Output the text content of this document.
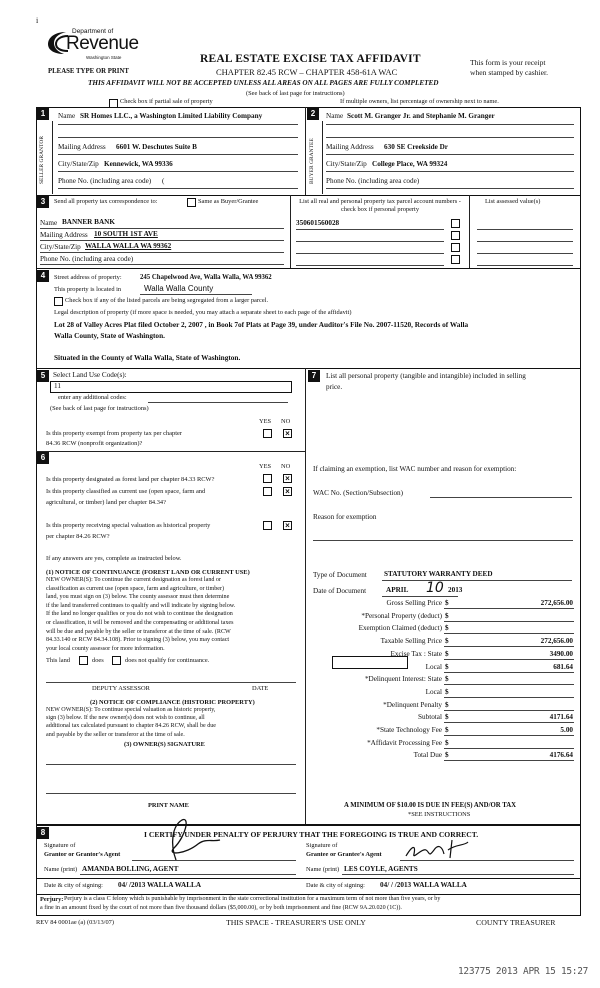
i
Department of
Revenue
Washington State
PLEASE TYPE OR PRINT
REAL ESTATE EXCISE TAX AFFIDAVIT
CHAPTER 82.45 RCW – CHAPTER 458-61A WAC
This form is your receipt
when stamped by cashier.
THIS AFFIDAVIT WILL NOT BE ACCEPTED UNLESS ALL AREAS ON ALL PAGES ARE FULLY COMPLETED
(See back of last page for instructions)
Check box if partial sale of property	If multiple owners, list percentage of ownership next to name.
1
SELLER GRANTOR
Name SR Homes LLC., a Washington Limited Liability Company
Mailing Address 6601 W. Deschutes Suite B
City/State/Zip Kennewick, WA 99336
Phone No. (including area code) (
2
BUYER GRANTEE
Name Scott M. Granger Jr. and Stephanie M. Granger
Mailing Address 630 SE Creekside Dr
City/State/Zip College Place, WA 99324
Phone No. (including area code)
3	Send all property tax correspondence to:	Same as Buyer/Grantee
Name BANNER BANK
Mailing Address 10 SOUTH 1ST AVE
City/State/Zip WALLA WALLA WA 99362
Phone No. (including area code)
List all real and personal property tax parcel account numbers - check box if personal property
List assessed value(s)
350601560028
4	Street address of property:	245 Chapelwood Ave, Walla Walla, WA 99362
This property is located in	Walla Walla County
Check box if any of the listed parcels are being segregated from a larger parcel.
Legal description of property (if more space is needed, you may attach a separate sheet to each page of the affidavit)
Lot 28 of Valley Acres Plat filed October 2, 2007 , in Book 7of Plats at Page 39, under Auditor's File No. 2007-11520, Records of Walla
Walla County, State of Washington.
Situated in the County of Walla Walla, State of Washington.
5	Select Land Use Code(s):
11
enter any additional codes:
(See back of last page for instructions)
YES NO
Is this property exempt from property tax per chapter
84.36 RCW (nonprofit organization)?
×
6
YES NO
Is this property designated as forest land per chapter 84.33 RCW?	×
Is this property classified as current use (open space, farm and
agricultural, or timber) land per chapter 84.34?
×
Is this property receiving special valuation as historical property
per chapter 84.26 RCW?
×
If any answers are yes, complete as instructed below.
(1) NOTICE OF CONTINUANCE (FOREST LAND OR CURRENT USE)
NEW OWNER(S): To continue the current designation as forest land or
classification as current use (open space, farm and agriculture, or timber)
land, you must sign on (3) below. The county assessor must then determine
if the land transferred continues to qualify and will indicate by signing below.
If the land no longer qualifies or you do not wish to continue the designation
or classification, it will be removed and the compensating or additional taxes
will be due and payable by the seller or transferor at the time of sale. (RCW
84.33.140 or RCW 84.34.108). Prior to signing (3) below, you may contact
your local county assessor for more information.
This land	does	does not qualify for continuance.
DEPUTY ASSESSOR	DATE
(2) NOTICE OF COMPLIANCE (HISTORIC PROPERTY)
NEW OWNER(S): To continue special valuation as historic property,
sign (3) below. If the new owner(s) does not wish to continue, all
additional tax calculated pursuant to chapter 84.26 RCW, shall be due
and payable by the seller or transferor at the time of sale.
(3) OWNER(S) SIGNATURE
PRINT NAME
7	List all personal property (tangible and intangible) included in selling
price.
If claiming an exemption, list WAC number and reason for exemption:
WAC No. (Section/Subsection)
Reason for exemption
Type of Document STATUTORY WARRANTY DEED
Date of Document	APRIL 10 2013
Gross Selling Price $	272,656.00
*Personal Property (deduct) $
Exemption Claimed (deduct) $
Taxable Selling Price $	272,656.00
Excise Tax : State $	3490.00
Local $	681.64
*Delinquent Interest: State $
Local $
*Delinquent Penalty $
Subtotal $	4171.64
*State Technology Fee $	5.00
*Affidavit Processing Fee $
Total Due $	4176.64
A MINIMUM OF $10.00 IS DUE IN FEE(S) AND/OR TAX
*SEE INSTRUCTIONS
8	I CERTIFY UNDER PENALTY OF PERJURY THAT THE FOREGOING IS TRUE AND CORRECT.
Signature of
Grantor or Grantor's Agent
Name (print) AMANDA BOLLING, AGENT
Signature of
Grantee or Grantee's Agent
Name (print) LES COYLE, AGENTS
Date & city of signing: 04/ /2013 WALLA WALLA	Date & city of signing: 04/ / /2013 WALLA WALLA
Perjury: Perjury is a class C felony which is punishable by imprisonment in the state correctional institution for a maximum term of not more than five years, or by
a fine in an amount fixed by the court of not more than five thousand dollars ($5,000.00), or by both imprisonment and fine (RCW 9A.20.020 (1C)).
REV 84 0001ae (a) (03/13/07)	THIS SPACE - TREASURER'S USE ONLY	COUNTY TREASURER
123775 2013 APR 15 15:27
